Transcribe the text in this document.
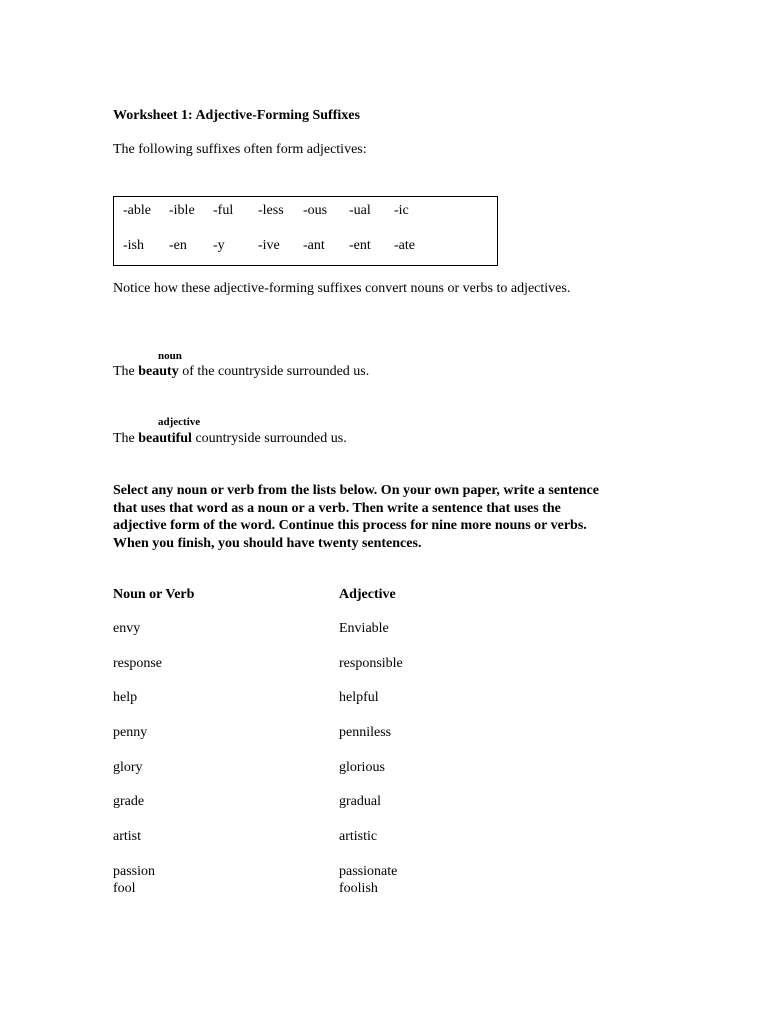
Worksheet 1: Adjective-Forming Suffixes
The following suffixes often form adjectives:
-able -ible -ful -less -ous -ual -ic
-ish -en -y -ive -ant -ent -ate
Notice how these adjective-forming suffixes convert nouns or verbs to adjectives.
noun
The beauty of the countryside surrounded us.
adjective
The beautiful countryside surrounded us.
Select any noun or verb from the lists below. On your own paper, write a sentence
that uses that word as a noun or a verb. Then write a sentence that uses the
adjective form of the word. Continue this process for nine more nouns or verbs.
When you finish, you should have twenty sentences.
Noun or Verb	Adjective
envy	Enviable
response	responsible
help	helpful
penny	penniless
glory	glorious
grade	gradual
artist	artistic
passion	passionate
fool	foolish
